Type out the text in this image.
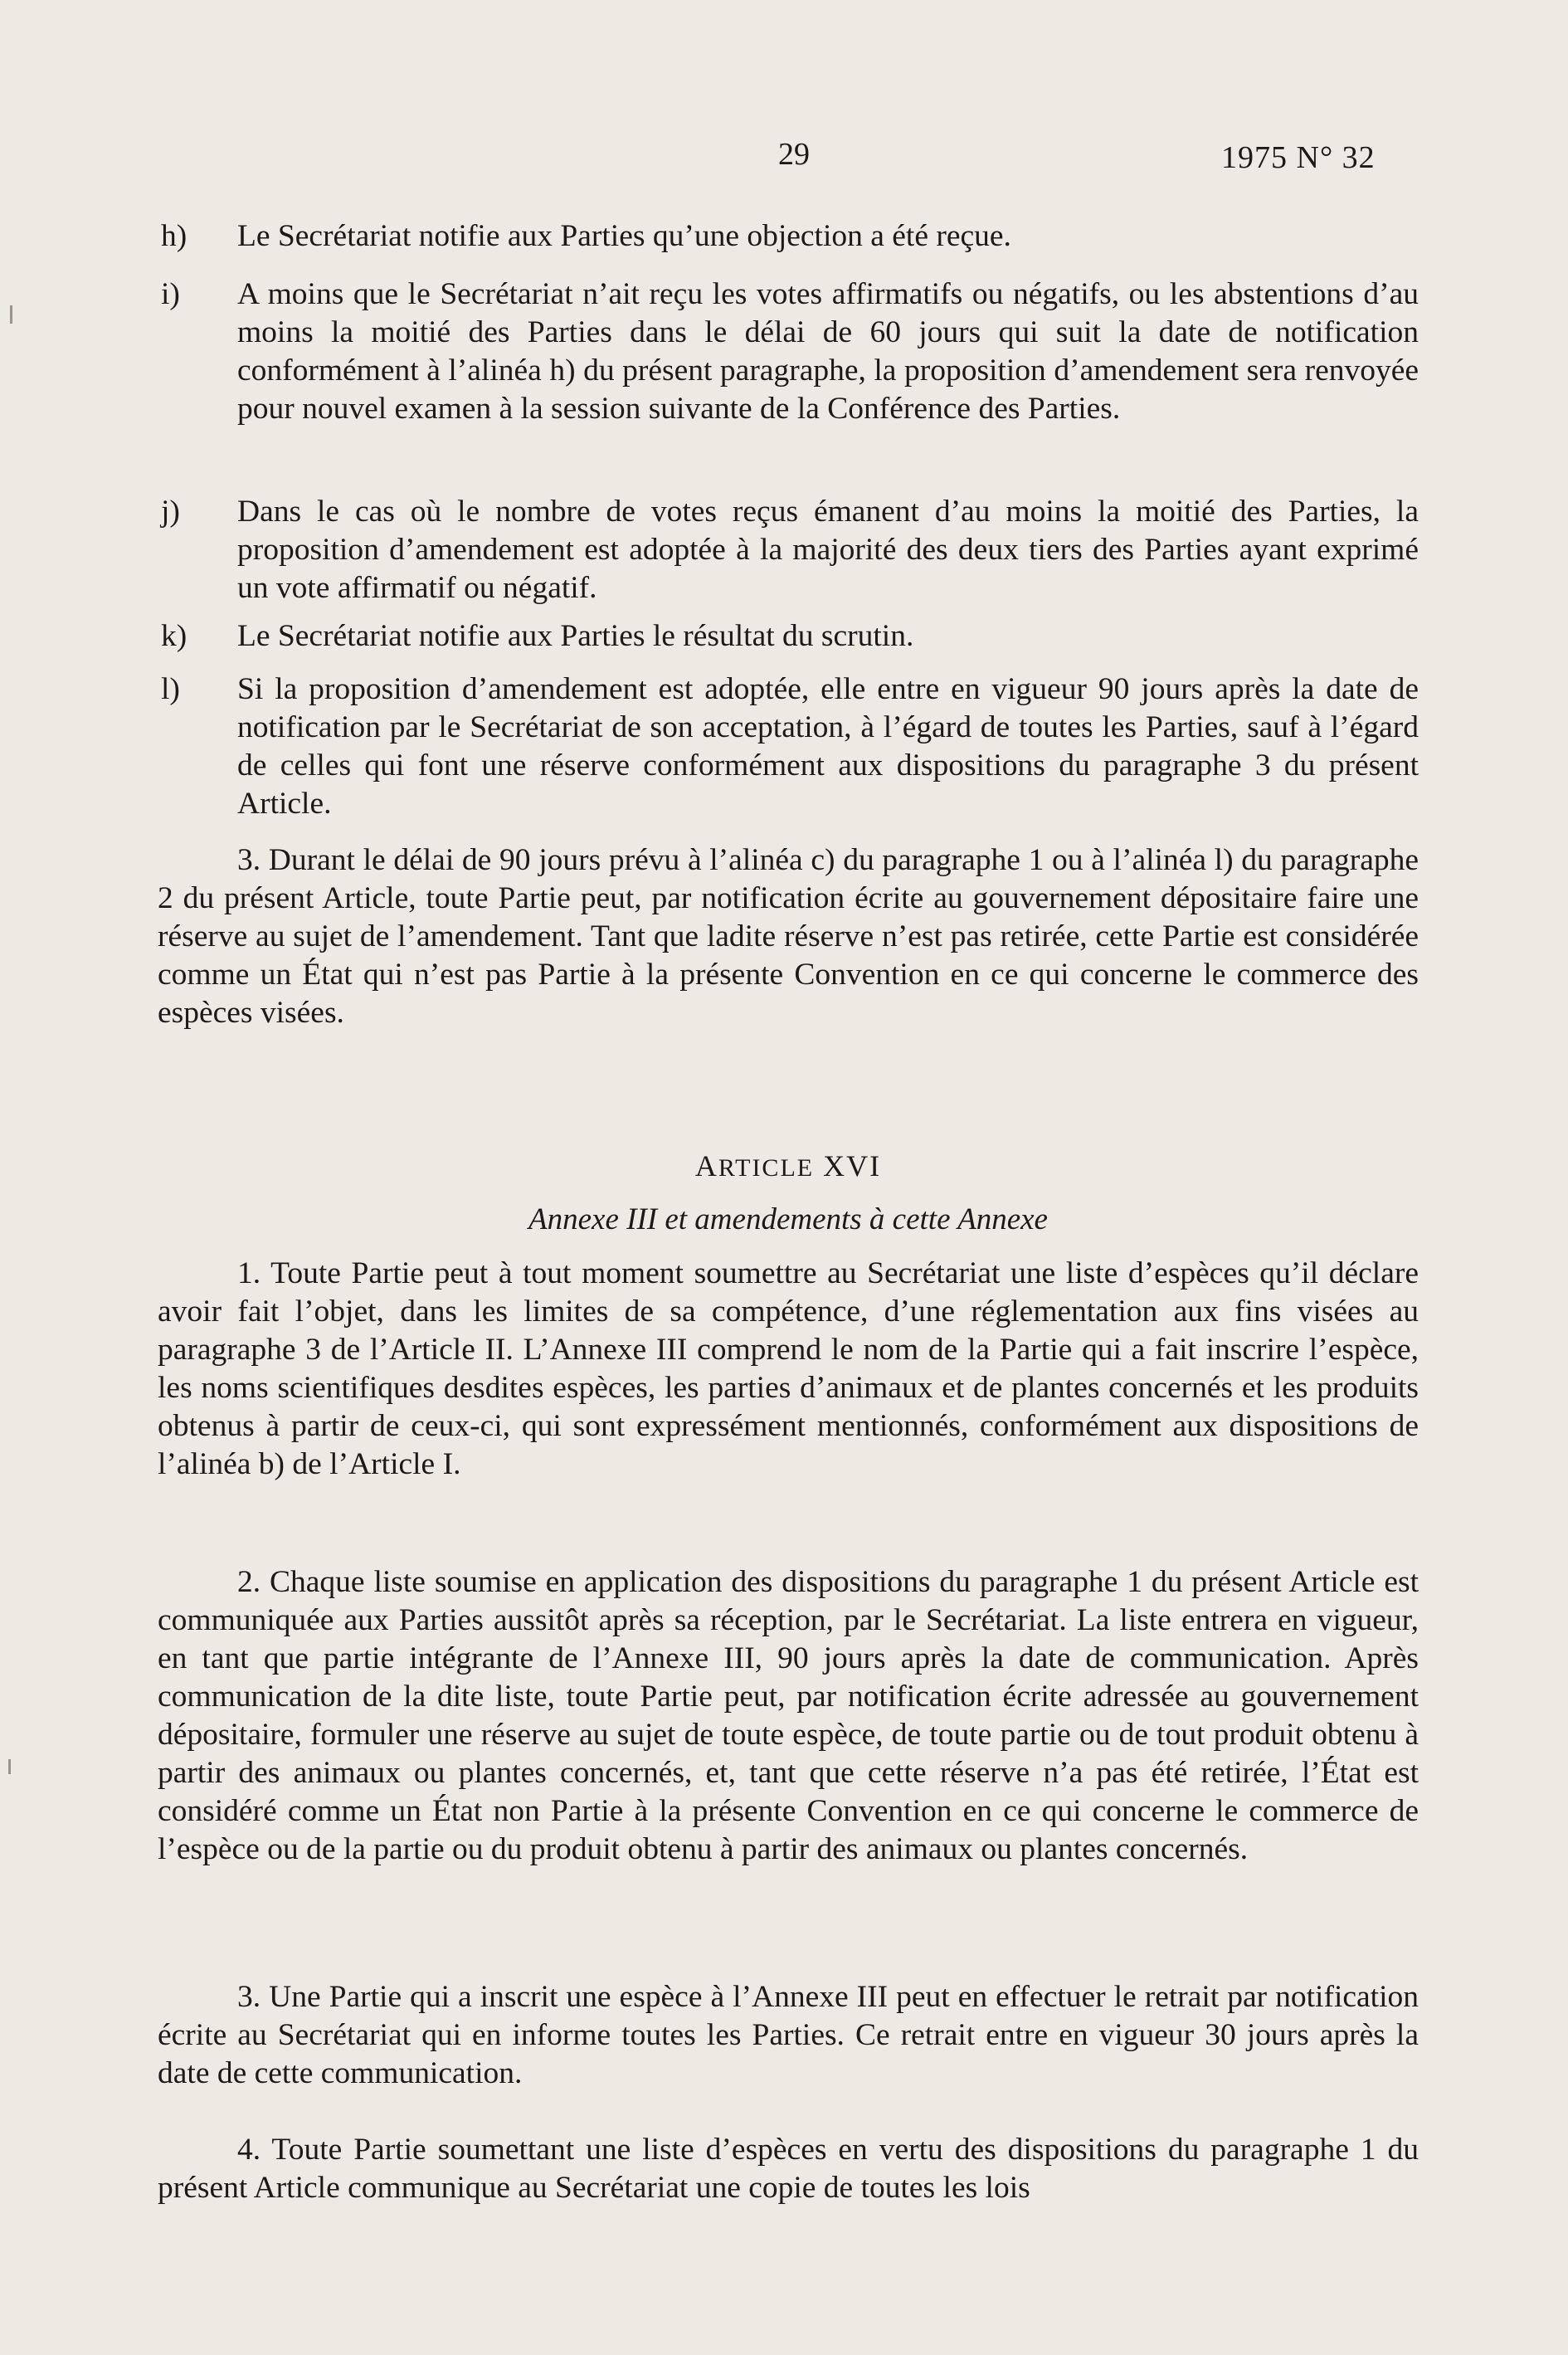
29	1975 N° 32
h) Le Secrétariat notifie aux Parties qu’une objection a été reçue.
i) A moins que le Secrétariat n’ait reçu les votes affirmatifs ou négatifs, ou les abstentions d’au moins la moitié des Parties dans le délai de 60 jours qui suit la date de notification conformément à l’alinéa h) du présent paragraphe, la proposition d’amendement sera renvoyée pour nouvel examen à la session suivante de la Conférence des Parties.
j) Dans le cas où le nombre de votes reçus émanent d’au moins la moitié des Parties, la proposition d’amendement est adoptée à la majorité des deux tiers des Parties ayant exprimé un vote affirmatif ou négatif.
k) Le Secrétariat notifie aux Parties le résultat du scrutin.
l) Si la proposition d’amendement est adoptée, elle entre en vigueur 90 jours après la date de notification par le Secrétariat de son acceptation, à l’égard de toutes les Parties, sauf à l’égard de celles qui font une réserve conformément aux dispositions du paragraphe 3 du présent Article.
3. Durant le délai de 90 jours prévu à l’alinéa c) du paragraphe 1 ou à l’alinéa l) du paragraphe 2 du présent Article, toute Partie peut, par notification écrite au gouvernement dépositaire faire une réserve au sujet de l’amendement. Tant que ladite réserve n’est pas retirée, cette Partie est considérée comme un État qui n’est pas Partie à la présente Convention en ce qui concerne le commerce des espèces visées.
ARTICLE XVI
Annexe III et amendements à cette Annexe
1. Toute Partie peut à tout moment soumettre au Secrétariat une liste d’espèces qu’il déclare avoir fait l’objet, dans les limites de sa compétence, d’une réglementation aux fins visées au paragraphe 3 de l’Article II. L’Annexe III comprend le nom de la Partie qui a fait inscrire l’espèce, les noms scientifiques desdites espèces, les parties d’animaux et de plantes concernés et les produits obtenus à partir de ceux-ci, qui sont expressément mentionnés, conformément aux dispositions de l’alinéa b) de l’Article I.
2. Chaque liste soumise en application des dispositions du paragraphe 1 du présent Article est communiquée aux Parties aussitôt après sa réception, par le Secrétariat. La liste entrera en vigueur, en tant que partie intégrante de l’Annexe III, 90 jours après la date de communication. Après communication de la dite liste, toute Partie peut, par notification écrite adressée au gouvernement dépositaire, formuler une réserve au sujet de toute espèce, de toute partie ou de tout produit obtenu à partir des animaux ou plantes concernés, et, tant que cette réserve n’a pas été retirée, l’État est considéré comme un État non Partie à la présente Convention en ce qui concerne le commerce de l’espèce ou de la partie ou du produit obtenu à partir des animaux ou plantes concernés.
3. Une Partie qui a inscrit une espèce à l’Annexe III peut en effectuer le retrait par notification écrite au Secrétariat qui en informe toutes les Parties. Ce retrait entre en vigueur 30 jours après la date de cette communication.
4. Toute Partie soumettant une liste d’espèces en vertu des dispositions du paragraphe 1 du présent Article communique au Secrétariat une copie de toutes les lois
